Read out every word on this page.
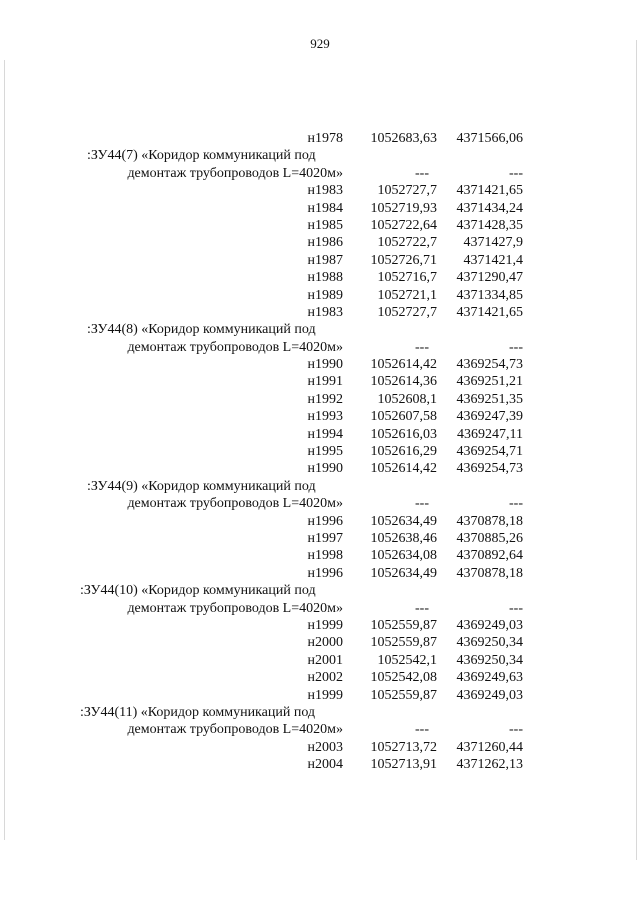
929
н1978	1052683,63	4371566,06
:ЗУ44(7) «Коридор коммуникаций под
демонтаж трубопроводов L=4020м»	---	---
н1983	1052727,7	4371421,65
н1984	1052719,93	4371434,24
н1985	1052722,64	4371428,35
н1986	1052722,7	4371427,9
н1987	1052726,71	4371421,4
н1988	1052716,7	4371290,47
н1989	1052721,1	4371334,85
н1983	1052727,7	4371421,65
:ЗУ44(8) «Коридор коммуникаций под
демонтаж трубопроводов L=4020м»	---	---
н1990	1052614,42	4369254,73
н1991	1052614,36	4369251,21
н1992	1052608,1	4369251,35
н1993	1052607,58	4369247,39
н1994	1052616,03	4369247,11
н1995	1052616,29	4369254,71
н1990	1052614,42	4369254,73
:ЗУ44(9) «Коридор коммуникаций под
демонтаж трубопроводов L=4020м»	---	---
н1996	1052634,49	4370878,18
н1997	1052638,46	4370885,26
н1998	1052634,08	4370892,64
н1996	1052634,49	4370878,18
:ЗУ44(10) «Коридор коммуникаций под
демонтаж трубопроводов L=4020м»	---	---
н1999	1052559,87	4369249,03
н2000	1052559,87	4369250,34
н2001	1052542,1	4369250,34
н2002	1052542,08	4369249,63
н1999	1052559,87	4369249,03
:ЗУ44(11) «Коридор коммуникаций под
демонтаж трубопроводов L=4020м»	---	---
н2003	1052713,72	4371260,44
н2004	1052713,91	4371262,13
